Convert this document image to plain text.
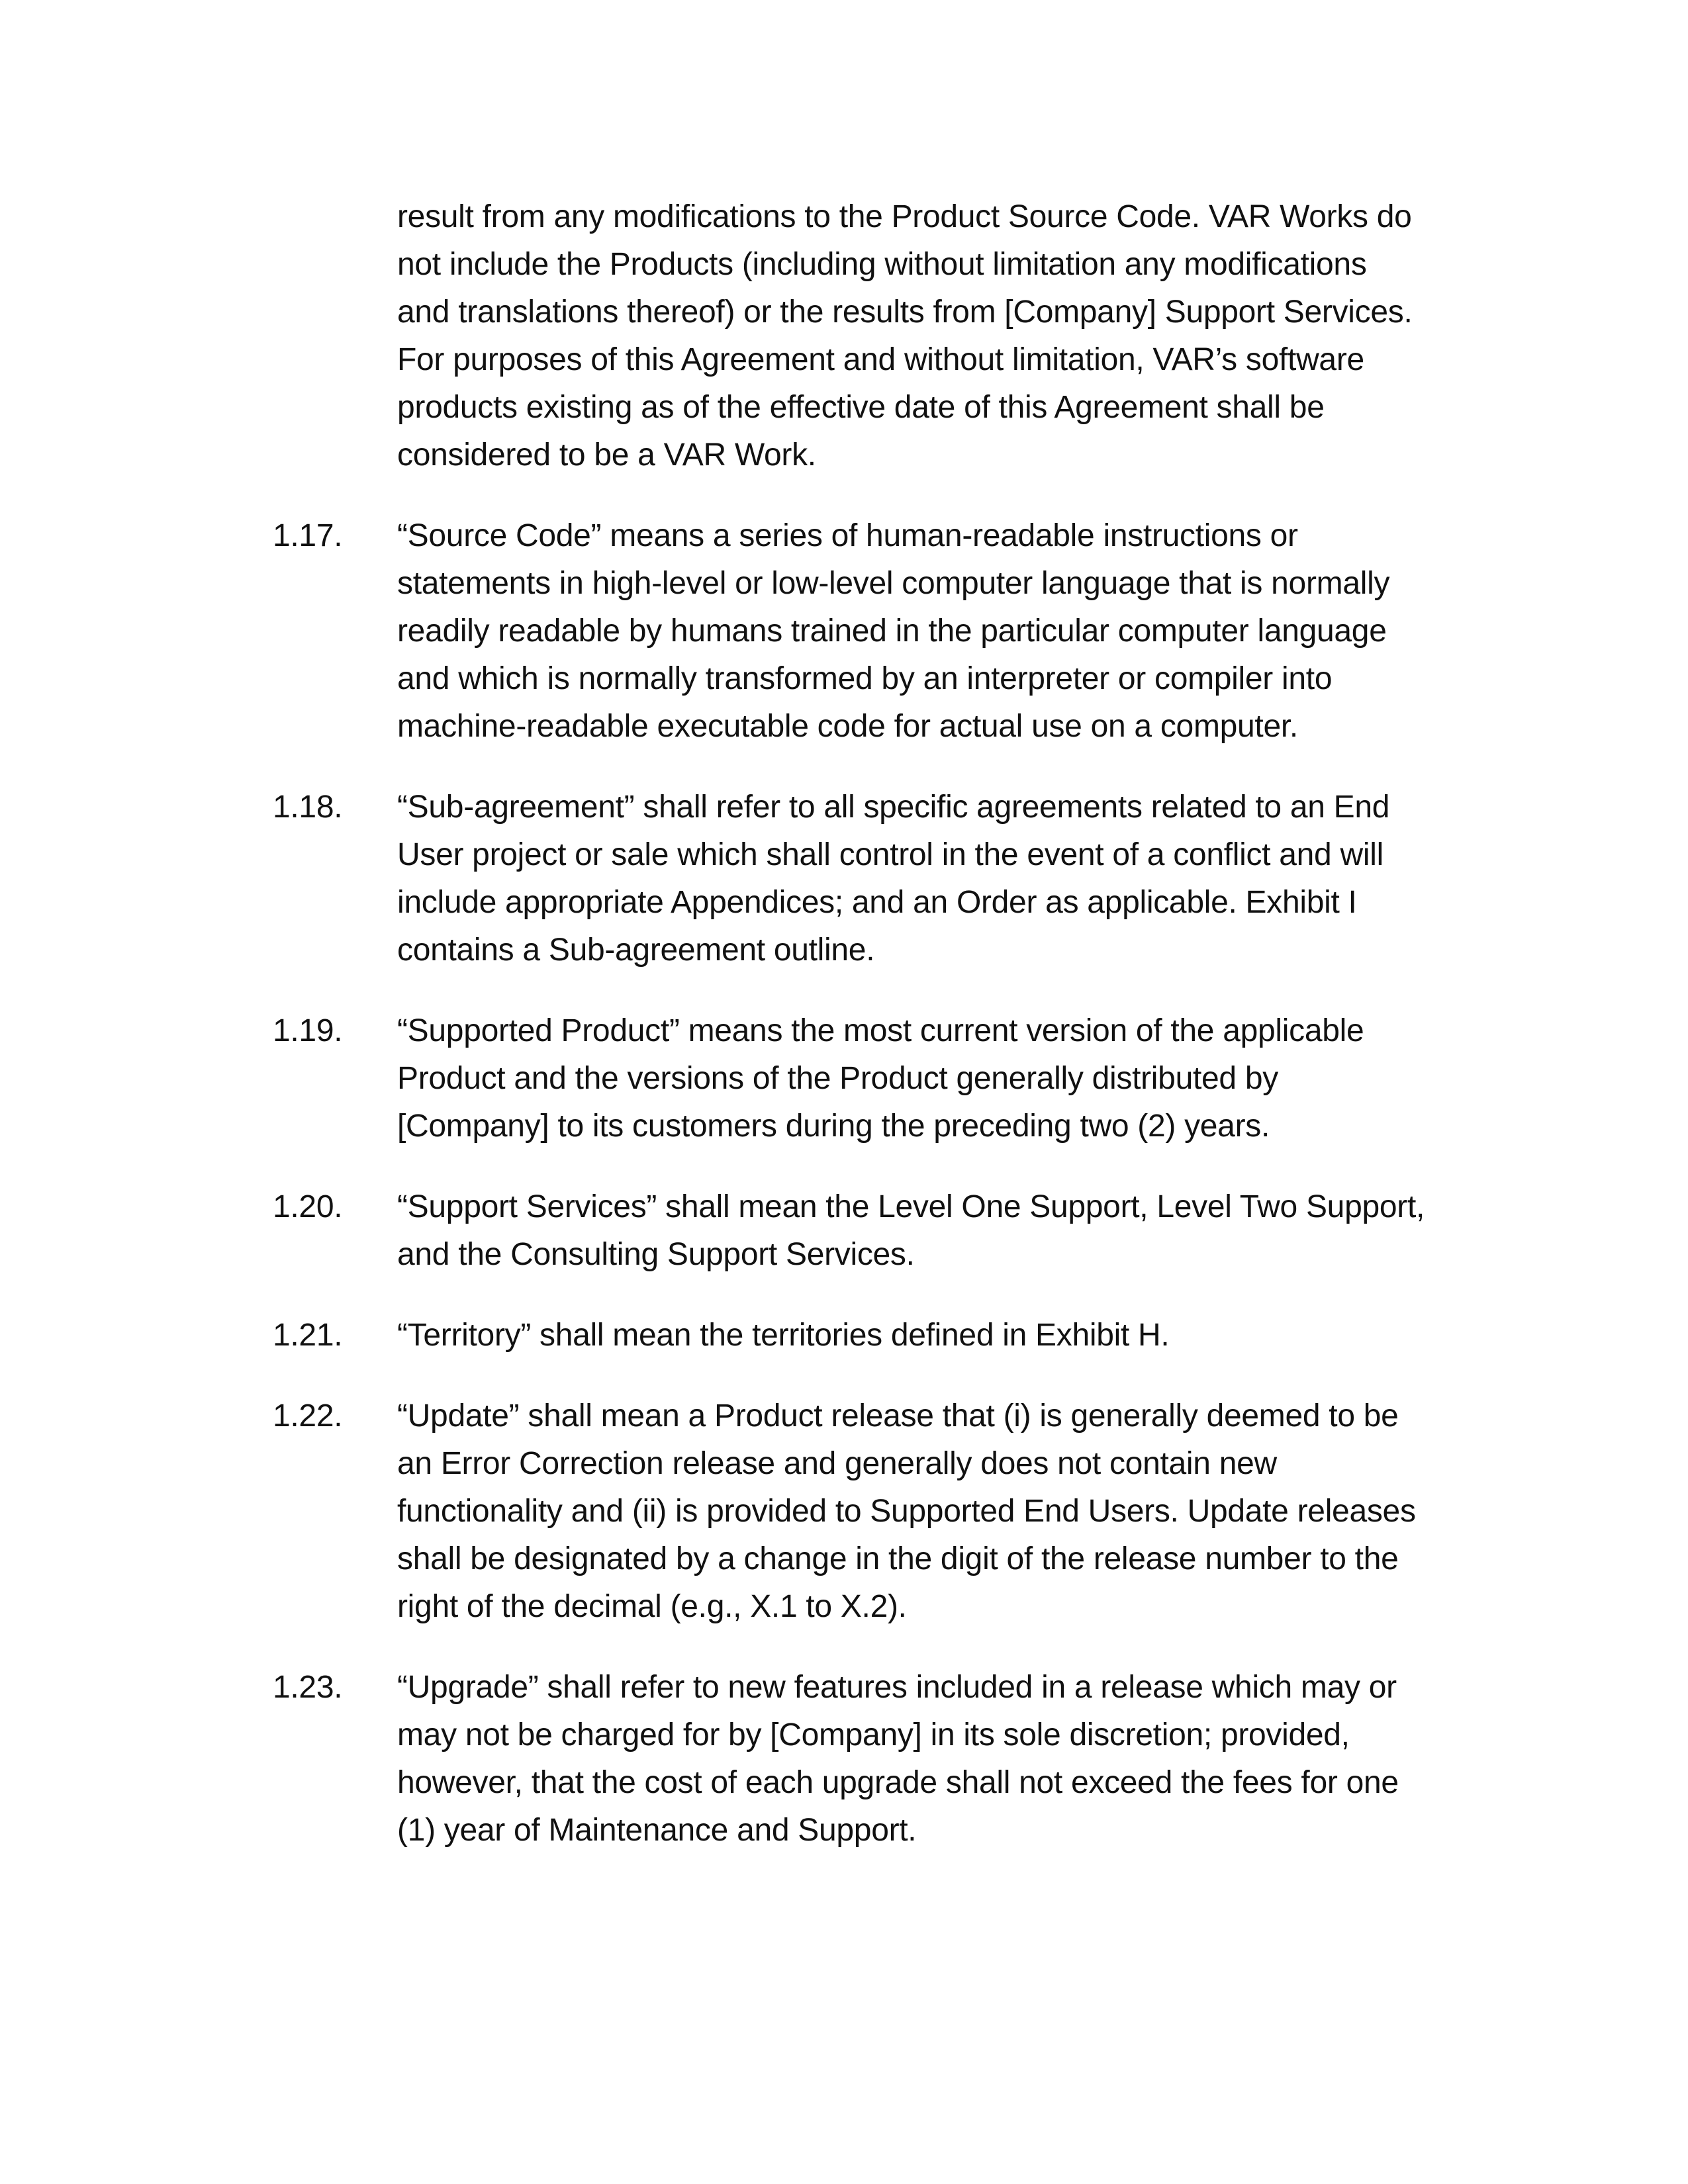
result from any modifications to the Product Source Code. VAR Works do
not include the Products (including without limitation any modifications
and translations thereof) or the results from [Company] Support Services.
For purposes of this Agreement and without limitation, VAR’s software
products existing as of the effective date of this Agreement shall be
considered to be a VAR Work.
1.17.	“Source Code” means a series of human-readable instructions or
statements in high-level or low-level computer language that is normally
readily readable by humans trained in the particular computer language
and which is normally transformed by an interpreter or compiler into
machine-readable executable code for actual use on a computer.
1.18.	“Sub-agreement” shall refer to all specific agreements related to an End
User project or sale which shall control in the event of a conflict and will
include appropriate Appendices; and an Order as applicable. Exhibit I
contains a Sub-agreement outline.
1.19.	“Supported Product” means the most current version of the applicable
Product and the versions of the Product generally distributed by
[Company] to its customers during the preceding two (2) years.
1.20.	“Support Services” shall mean the Level One Support, Level Two Support,
and the Consulting Support Services.
1.21.	“Territory” shall mean the territories defined in Exhibit H.
1.22.	“Update” shall mean a Product release that (i) is generally deemed to be
an Error Correction release and generally does not contain new
functionality and (ii) is provided to Supported End Users. Update releases
shall be designated by a change in the digit of the release number to the
right of the decimal (e.g., X.1 to X.2).
1.23.	“Upgrade” shall refer to new features included in a release which may or
may not be charged for by [Company] in its sole discretion; provided,
however, that the cost of each upgrade shall not exceed the fees for one
(1) year of Maintenance and Support.
